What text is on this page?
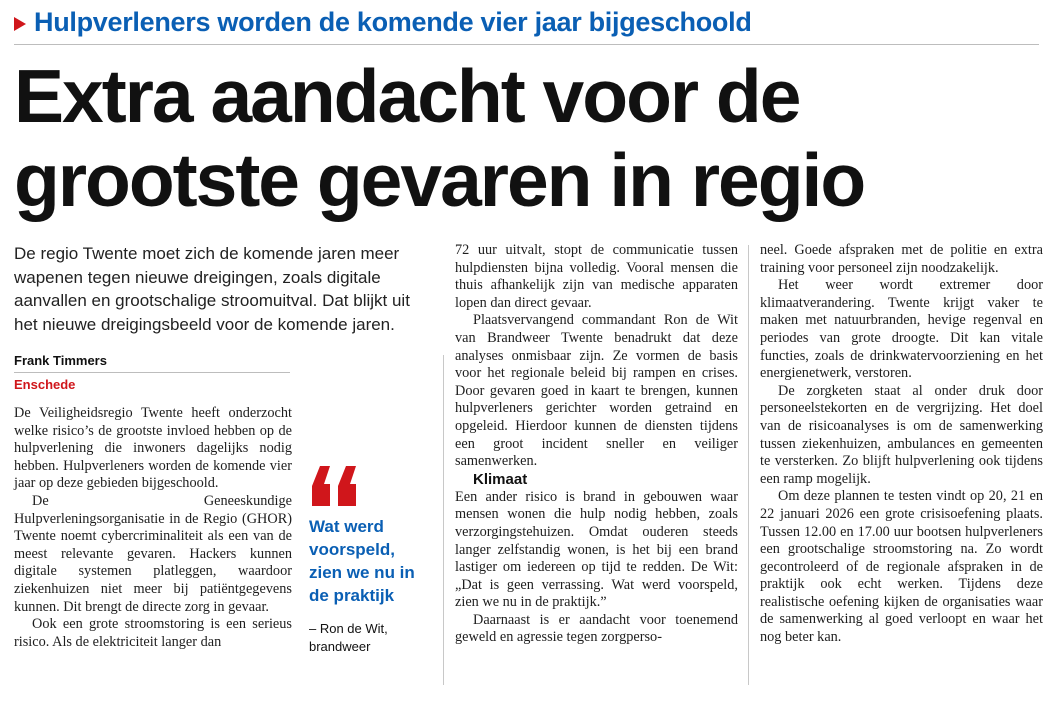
Hulpverleners worden de komende vier jaar bijgeschoold
Extra aandacht voor de grootste gevaren in regio

De regio Twente moet zich de komende jaren meer wapenen tegen nieuwe dreigingen, zoals digitale aanvallen en grootschalige stroomuitval. Dat blijkt uit het nieuwe dreigingsbeeld voor de komende jaren.

Frank Timmers
Enschede

De Veiligheidsregio Twente heeft onderzocht welke risico’s de grootste invloed hebben op de hulpverlening die inwoners dagelijks nodig hebben. Hulpverleners worden de komende vier jaar op deze gebieden bijgeschoold.

De Geneeskundige Hulpverleningsorganisatie in de Regio (GHOR) Twente noemt cybercriminaliteit als een van de meest relevante gevaren. Hackers kunnen digitale systemen platleggen, waardoor ziekenhuizen niet meer bij patiëntgegevens kunnen. Dit brengt de directe zorg in gevaar.

Ook een grote stroomstoring is een serieus risico. Als de elektriciteit langer dan

Wat werd voorspeld, zien we nu in de praktijk

– Ron de Wit, brandweer

72 uur uitvalt, stopt de communicatie tussen hulpdiensten bijna volledig. Vooral mensen die thuis afhankelijk zijn van medische apparaten lopen dan direct gevaar.

Plaatsvervangend commandant Ron de Wit van Brandweer Twente benadrukt dat deze analyses onmisbaar zijn. Ze vormen de basis voor het regionale beleid bij rampen en crises. Door gevaren goed in kaart te brengen, kunnen hulpverleners gerichter worden getraind en opgeleid. Hierdoor kunnen de diensten tijdens een groot incident sneller en veiliger samenwerken.

Klimaat

Een ander risico is brand in gebouwen waar mensen wonen die hulp nodig hebben, zoals verzorgingstehuizen. Omdat ouderen steeds langer zelfstandig wonen, is het bij een brand lastiger om iedereen op tijd te redden. De Wit: „Dat is geen verrassing. Wat werd voorspeld, zien we nu in de praktijk.”

Daarnaast is er aandacht voor toenemend geweld en agressie tegen zorgperso-

neel. Goede afspraken met de politie en extra training voor personeel zijn noodzakelijk.

Het weer wordt extremer door klimaatverandering. Twente krijgt vaker te maken met natuurbranden, hevige regenval en periodes van grote droogte. Dit kan vitale functies, zoals de drinkwatervoorziening en het energienetwerk, verstoren.

De zorgketen staat al onder druk door personeelstekorten en de vergrijzing. Het doel van de risicoanalyses is om de samenwerking tussen ziekenhuizen, ambulances en gemeenten te versterken. Zo blijft hulpverlening ook tijdens een ramp mogelijk.

Om deze plannen te testen vindt op 20, 21 en 22 januari 2026 een grote crisisoefening plaats. Tussen 12.00 en 17.00 uur bootsen hulpverleners een grootschalige stroomstoring na. Zo wordt gecontroleerd of de regionale afspraken in de praktijk ook echt werken. Tijdens deze realistische oefening kijken de organisaties waar de samenwerking al goed verloopt en waar het nog beter kan.
